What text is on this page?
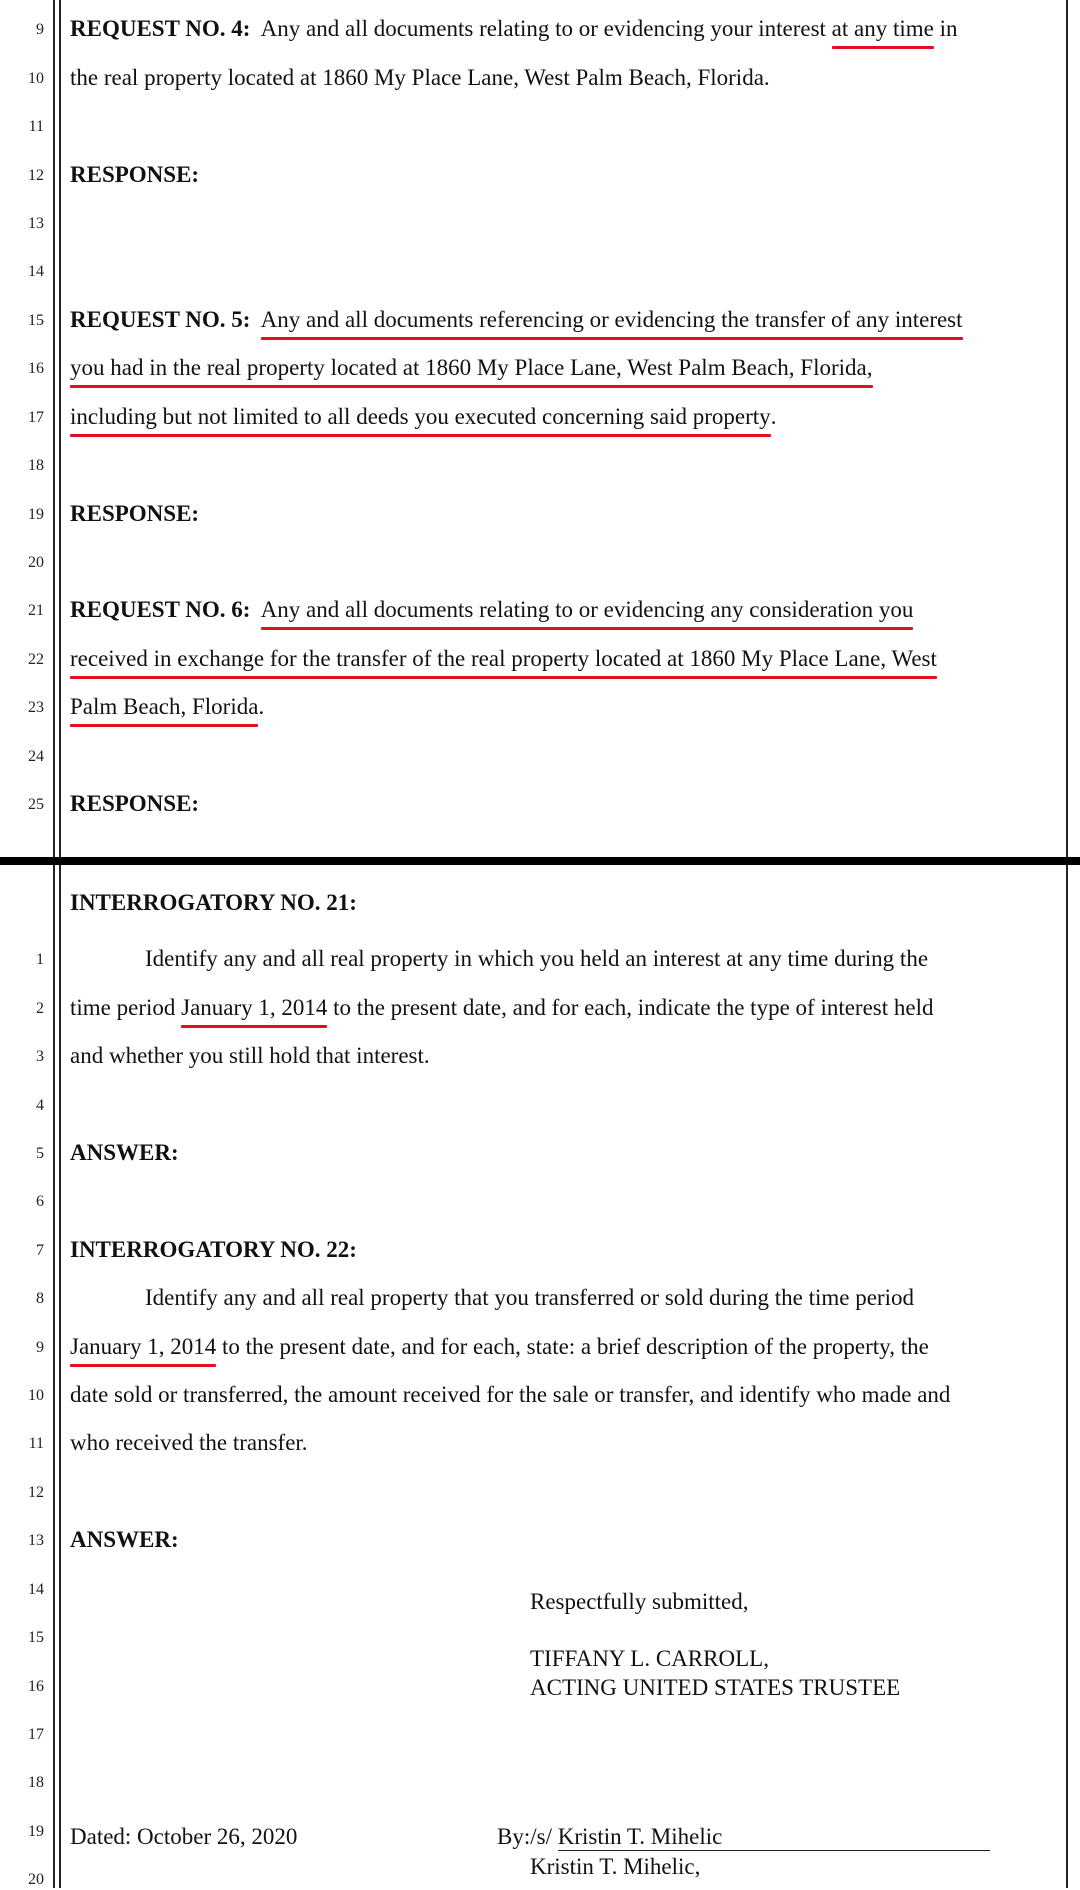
9
10
11
12
13
14
15
16
17
18
19
20
21
22
23
24
25
REQUEST NO. 4: Any and all documents relating to or evidencing your interest at any time in
the real property located at 1860 My Place Lane, West Palm Beach, Florida.
RESPONSE:
REQUEST NO. 5: Any and all documents referencing or evidencing the transfer of any interest
you had in the real property located at 1860 My Place Lane, West Palm Beach, Florida,
including but not limited to all deeds you executed concerning said property.
RESPONSE:
REQUEST NO. 6: Any and all documents relating to or evidencing any consideration you
received in exchange for the transfer of the real property located at 1860 My Place Lane, West
Palm Beach, Florida.
RESPONSE:
1
2
3
4
5
6
7
8
9
10
11
12
13
14
15
16
17
18
19
20
INTERROGATORY NO. 21:
Identify any and all real property in which you held an interest at any time during the
time period January 1, 2014 to the present date, and for each, indicate the type of interest held
and whether you still hold that interest.
ANSWER:
INTERROGATORY NO. 22:
Identify any and all real property that you transferred or sold during the time period
January 1, 2014 to the present date, and for each, state: a brief description of the property, the
date sold or transferred, the amount received for the sale or transfer, and identify who made and
who received the transfer.
ANSWER:
Respectfully submitted,
TIFFANY L. CARROLL,
ACTING UNITED STATES TRUSTEE
Dated: October 26, 2020	By:/s/ Kristin T. Mihelic
Kristin T. Mihelic,
